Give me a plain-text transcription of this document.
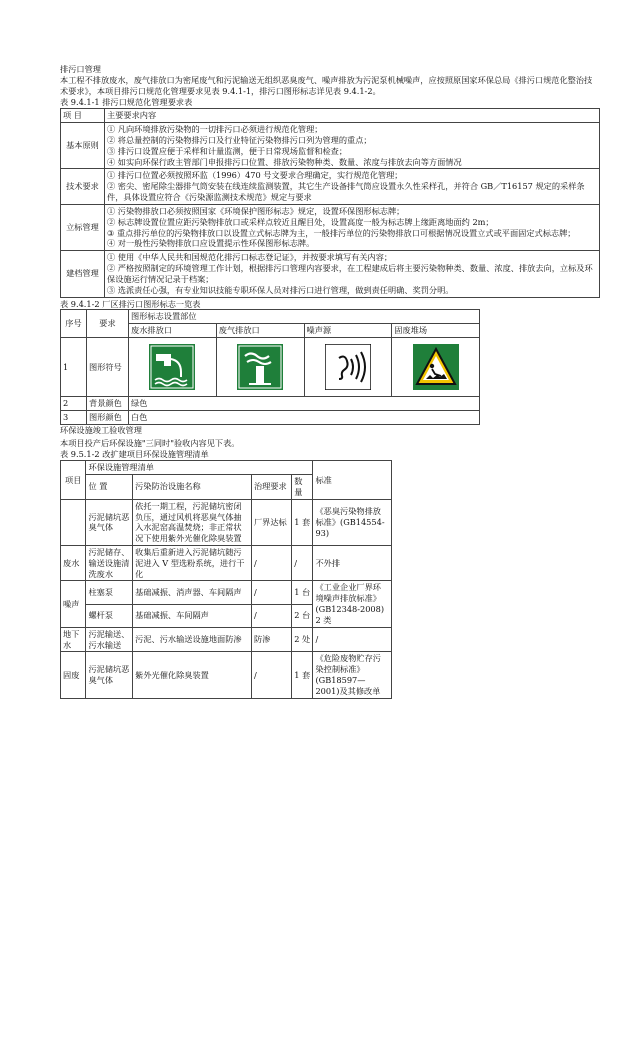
排污口管理

本工程不排放废水，废气排放口为密尾废气和污泥输送无组织恶臭废气、噪声排放为污泥泵机械噪声，应按照原国家环保总局《排污口规范化整治技术要求》，本项目排污口规范化管理要求见表 9.4.1-1，排污口图形标志详见表 9.4.1-2。

表 9.4.1-1 排污口规范化管理要求表

项 目	主要要求内容
基本原则	① 凡向环境排放污染物的一切排污口必须进行规范化管理；
② 将总量控制的污染物排污口及行业特征污染物排污口列为管理的重点；
③ 排污口设置应便于采样和计量监测，便于日常现场监督和检查；
④ 如实向环保行政主管部门申报排污口位置、排放污染物种类、数量、浓度与排放去向等方面情况
技术要求	① 排污口位置必须按照环监（1996）470 号文要求合理确定，实行规范化管理；
② 密尖、密尾除尘器排气筒安装在线连续监测装置，其它生产设备排气筒应设置永久性采样孔，并符合 GB／T16157 规定的采样条件，具体设置应符合《污染源监测技术规范》规定与要求
立标管理	① 污染物排放口必须按照国家《环境保护图形标志》规定，设置环保图形标志牌；
② 标志牌设置位置应距污染物排放口或采样点较近且醒目处，设置高度一般为标志牌上缘距离地面约 2m；
③ 重点排污单位的污染物排放口以设置立式标志牌为主，一般排污单位的污染物排放口可根据情况设置立式或平面固定式标志牌；
④ 对一般性污染物排放口应设置提示性环保图形标志牌。
建档管理	① 使用《中华人民共和国规范化排污口标志登记证》，并按要求填写有关内容；
② 严格按照制定的环境管理工作计划，根据排污口管理内容要求，在工程建成后将主要污染物种类、数量、浓度、排放去向，立标及环保设施运行情况记录于档案；
③ 选派责任心强，有专业知识技能专职环保人员对排污口进行管理，做到责任明确、奖罚分明。

表 9.4.1-2 厂区排污口图形标志一览表

序号	要求	图形标志设置部位			
		废水排放口	废气排放口	噪声源	固废堆场
1	图形符号	

2	背景颜色	绿色			
3	图形颜色	白色			

环保设施竣工验收管理

本项目投产后环保设施"三同时"验收内容见下表。

表 9.5.1-2 改扩建项目环保设施管理清单

项目	环保设施管理清单				标准
	位 置	污染防治设施名称	治理要求	数量	
	污泥储坑恶臭气体	依托一期工程，污泥储坑密闭负压，通过风机将恶臭气体抽入水泥窑高温焚烧；非正常状况下使用紫外光催化除臭装置	厂界达标	1 套	《恶臭污染物排放标准》(GB14554-93)
废水	污泥储存、输送设施清洗废水	收集后重新进入污泥储坑随污泥进入 V 型选粉系统，进行干化	/	/	不外排
噪声	柱塞泵	基础减振、消声器、车间隔声	/	1 台	《工业企业厂界环境噪声排放标准》(GB12348-2008) 2 类
	螺杆泵	基础减振、车间隔声	/	2 台	
地下水	污泥输送、污水输送	污泥、污水输送设施地面防渗	防渗	2 处	/
固废	污泥储坑恶臭气体	紫外光催化除臭装置	/	1 套	《危险废物贮存污染控制标准》(GB18597—2001)及其修改单
